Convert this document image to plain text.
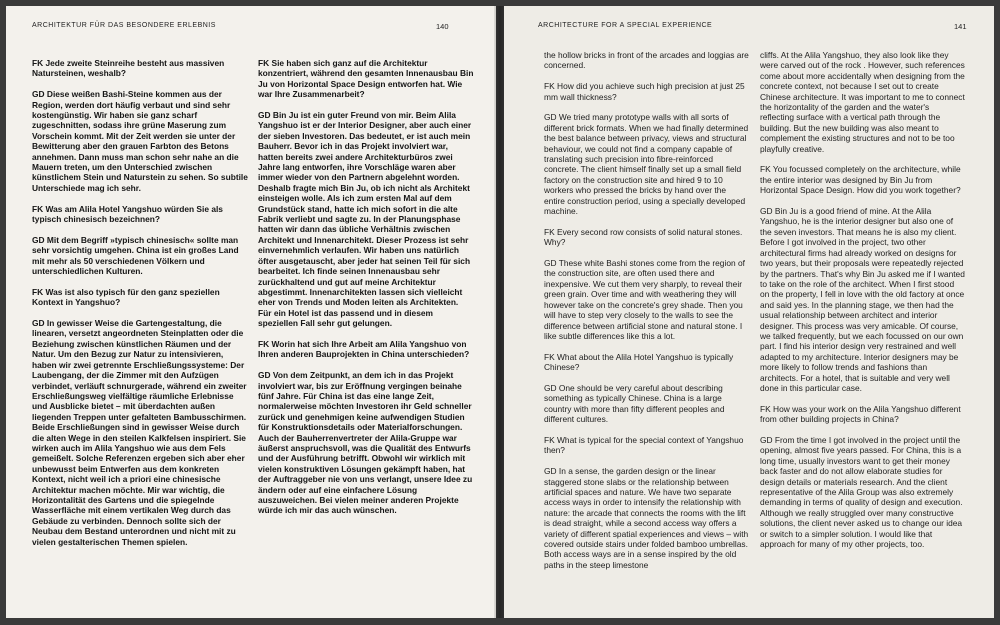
ARCHITEKTUR FÜR DAS BESONDERE ERLEBNIS	140

FK Jede zweite Steinreihe besteht aus massiven Natursteinen, weshalb?

GD Diese weißen Bashi-Steine kommen aus der Region, werden dort häufig verbaut und sind sehr kostengünstig. Wir haben sie ganz scharf zugeschnitten, sodass ihre grüne Maserung zum Vorschein kommt. Mit der Zeit werden sie unter der Bewitterung aber den grauen Farbton des Betons annehmen. Dann muss man schon sehr nahe an die Mauern treten, um den Unterschied zwischen künstlichem Stein und Naturstein zu sehen. So subtile Unterschiede mag ich sehr.

FK Was am Alila Hotel Yangshuo würden Sie als typisch chinesisch bezeichnen?

GD Mit dem Begriff »typisch chinesisch« sollte man sehr vorsichtig umgehen. China ist ein großes Land mit mehr als 50 verschiedenen Völkern und unterschiedlichen Kulturen.

FK Was ist also typisch für den ganz speziellen Kontext in Yangshuo?

GD In gewisser Weise die Gartengestaltung, die linearen, versetzt angeordneten Steinplatten oder die Beziehung zwischen künstlichen Räumen und der Natur. Um den Bezug zur Natur zu intensivieren, haben wir zwei getrennte Erschließungssysteme: Der Laubengang, der die Zimmer mit den Aufzügen verbindet, verläuft schnurgerade, während ein zweiter Erschließungsweg vielfältige räumliche Erlebnisse und Ausblicke bietet – mit überdachten außen liegenden Treppen unter gefalteten Bambusschirmen. Beide Erschließungen sind in gewisser Weise durch die alten Wege in den steilen Kalkfelsen inspiriert. Sie wirken auch im Alila Yangshuo wie aus dem Fels gemeißelt. Solche Referenzen ergeben sich aber eher unbewusst beim Entwerfen aus dem konkreten Kontext, nicht weil ich a priori eine chinesische Architektur machen möchte. Mir war wichtig, die Horizontalität des Gartens und die spiegelnde Wasserfläche mit einem vertikalen Weg durch das Gebäude zu verbinden. Dennoch sollte sich der Neubau dem Bestand unterordnen und nicht mit zu vielen gestalterischen Themen spielen.

FK Sie haben sich ganz auf die Architektur konzentriert, während den gesamten Innenausbau Bin Ju von Horizontal Space Design entworfen hat. Wie war Ihre Zusammenarbeit?

GD Bin Ju ist ein guter Freund von mir. Beim Alila Yangshuo ist er der Interior Designer, aber auch einer der sieben Investoren. Das bedeutet, er ist auch mein Bauherr. Bevor ich in das Projekt involviert war, hatten bereits zwei andere Architekturbüros zwei Jahre lang entworfen, ihre Vorschläge waren aber immer wieder von den Partnern abgelehnt worden. Deshalb fragte mich Bin Ju, ob ich nicht als Architekt einsteigen wolle. Als ich zum ersten Mal auf dem Grundstück stand, hatte ich mich sofort in die alte Fabrik verliebt und sagte zu. In der Planungsphase hatten wir dann das übliche Verhältnis zwischen Architekt und Innenarchitekt. Dieser Prozess ist sehr einvernehmlich verlaufen. Wir haben uns natürlich öfter ausgetauscht, aber jeder hat seinen Teil für sich bearbeitet. Ich finde seinen Innenausbau sehr zurückhaltend und gut auf meine Architektur abgestimmt. Innenarchitekten lassen sich vielleicht eher von Trends und Moden leiten als Architekten. Für ein Hotel ist das passend und in diesem speziellen Fall sehr gut gelungen.

FK Worin hat sich Ihre Arbeit am Alila Yangshuo von Ihren anderen Bauprojekten in China unterschieden?

GD Von dem Zeitpunkt, an dem ich in das Projekt involviert war, bis zur Eröffnung vergingen beinahe fünf Jahre. Für China ist das eine lange Zeit, normalerweise möchten Investoren ihr Geld schneller zurück und genehmigen keine aufwendigen Studien für Konstruktionsdetails oder Materialforschungen. Auch der Bauherrenvertreter der Alila-Gruppe war äußerst anspruchsvoll, was die Qualität des Entwurfs und der Ausführung betrifft. Obwohl wir wirklich mit vielen konstruktiven Lösungen gekämpft haben, hat der Auftraggeber nie von uns verlangt, unsere Idee zu ändern oder auf eine einfachere Lösung auszuweichen. Bei vielen meiner anderen Projekte würde ich mir das auch wünschen.

ARCHITECTURE FOR A SPECIAL EXPERIENCE	141

the hollow bricks in front of the arcades and loggias are concerned.

FK How did you achieve such high precision at just 25 mm wall thickness?

GD We tried many prototype walls with all sorts of different brick formats. When we had finally determined the best balance between privacy, views and structural behaviour, we could not find a company capable of translating such precision into fibre-reinforced concrete. The client himself finally set up a small field factory on the construction site and hired 9 to 10 workers who pressed the bricks by hand over the entire construction period, using a specially developed machine.

FK Every second row consists of solid natural stones. Why?

GD These white Bashi stones come from the region of the construction site, are often used there and inexpensive. We cut them very sharply, to reveal their green grain. Over time and with weathering they will however take on the concrete's grey shade. Then you will have to step very closely to the walls to see the difference between artificial stone and natural stone. I like subtle differences like this a lot.

FK What about the Alila Hotel Yangshuo is typically Chinese?

GD One should be very careful about describing something as typically Chinese. China is a large country with more than fifty different peoples and different cultures.

FK What is typical for the special context of Yangshuo then?

GD In a sense, the garden design or the linear staggered stone slabs or the relationship between artificial spaces and nature. We have two separate access ways in order to intensify the relationship with nature: the arcade that connects the rooms with the lift is dead straight, while a second access way offers a variety of different spatial experiences and views – with covered outside stairs under folded bamboo umbrellas. Both access ways are in a sense inspired by the old paths in the steep limestone

cliffs. At the Alila Yangshuo, they also look like they were carved out of the rock . However, such references come about more accidentally when designing from the concrete context, not because I set out to create Chinese architecture. It was important to me to connect the horizontality of the garden and the water's reflecting surface with a vertical path through the building. But the new building was also meant to complement the existing structures and not to be too playfully creative.

FK You focussed completely on the architecture, while the entire interior was designed by Bin Ju from Horizontal Space Design. How did you work together?

GD Bin Ju is a good friend of mine. At the Alila Yangshuo, he is the interior designer but also one of the seven investors. That means he is also my client. Before I got involved in the project, two other architectural firms had already worked on designs for two years, but their proposals were repeatedly rejected by the partners. That's why Bin Ju asked me if I wanted to take on the role of the architect. When I first stood on the property, I fell in love with the old factory at once and said yes. In the planning stage, we then had the usual relationship between architect and interior designer. This process was very amicable. Of course, we talked frequently, but we each focussed on our own part. I find his interior design very restrained and well adapted to my architecture. Interior designers may be more likely to follow trends and fashions than architects. For a hotel, that is suitable and very well done in this particular case.

FK How was your work on the Alila Yangshuo different from other building projects in China?

GD From the time I got involved in the project until the opening, almost five years passed. For China, this is a long time, usually investors want to get their money back faster and do not allow elaborate studies for design details or materials research. And the client representative of the Alila Group was also extremely demanding in terms of quality of design and execution. Although we really struggled over many constructive solutions, the client never asked us to change our idea or switch to a simpler solution. I would like that approach for many of my other projects, too.
